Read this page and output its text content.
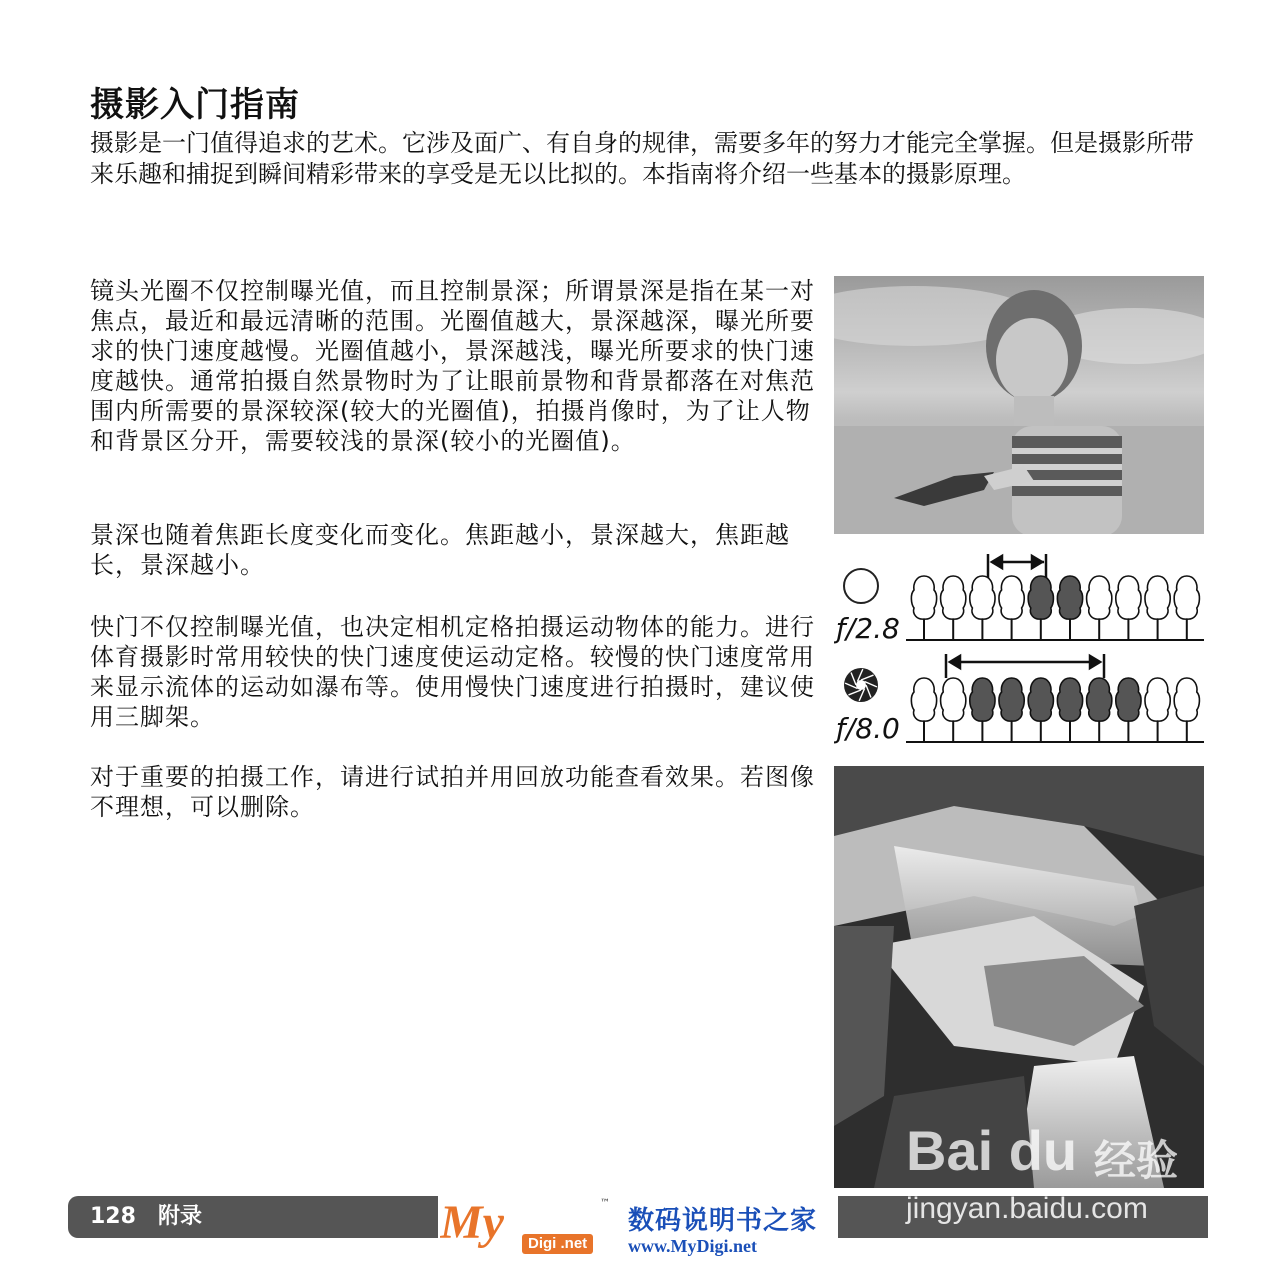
摄影入门指南
摄影是一门值得追求的艺术。它涉及面广、有自身的规律，需要多年的努力才能完全掌握。但是摄影所带来乐趣和捕捉到瞬间精彩带来的享受是无以比拟的。本指南将介绍一些基本的摄影原理。
镜头光圈不仅控制曝光值，而且控制景深；所谓景深是指在某一对焦点，最近和最远清晰的范围。光圈值越大，景深越深，曝光所要求的快门速度越慢。光圈值越小，景深越浅，曝光所要求的快门速度越快。通常拍摄自然景物时为了让眼前景物和背景都落在对焦范围内所需要的景深较深(较大的光圈值)，拍摄肖像时，为了让人物和背景区分开，需要较浅的景深(较小的光圈值)。
景深也随着焦距长度变化而变化。焦距越小，景深越大，焦距越长，景深越小。
快门不仅控制曝光值，也决定相机定格拍摄运动物体的能力。进行体育摄影时常用较快的快门速度使运动定格。较慢的快门速度常用来显示流体的运动如瀑布等。使用慢快门速度进行拍摄时，建议使用三脚架。
对于重要的拍摄工作，请进行试拍并用回放功能查看效果。若图像不理想，可以删除。
ƒ/2.8
ƒ/8.0
Bai du 经验
128 附录	My	™
Digi .net
数码说明书之家
www.MyDigi.net
jingyan.baidu.com
